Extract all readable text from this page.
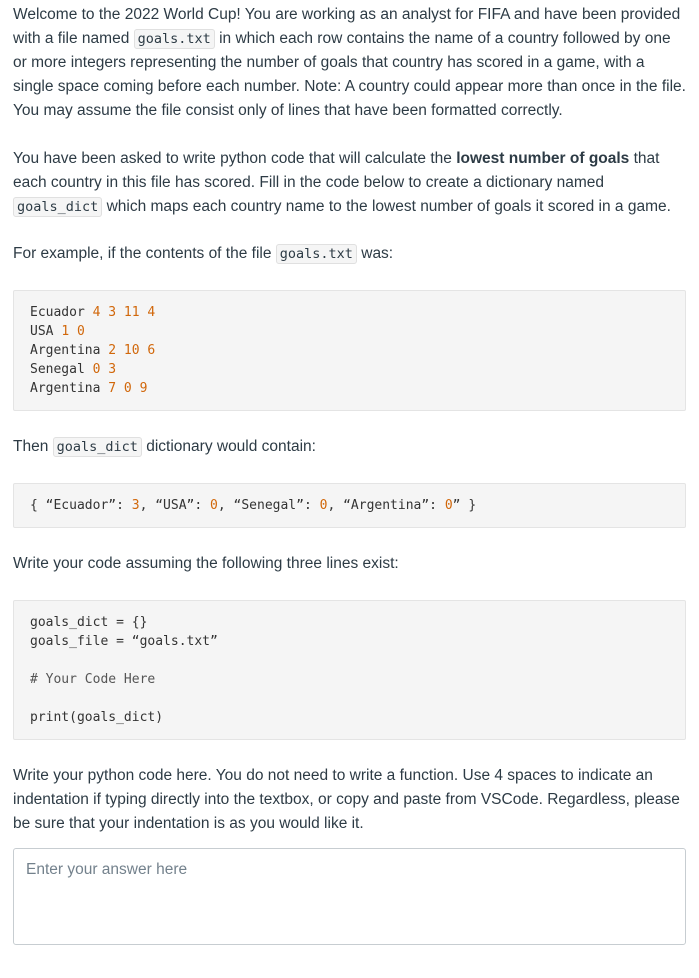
Welcome to the 2022 World Cup! You are working as an analyst for FIFA and have been provided with a file named goals.txt in which each row contains the name of a country followed by one or more integers representing the number of goals that country has scored in a game, with a single space coming before each number. Note: A country could appear more than once in the file. You may assume the file consist only of lines that have been formatted correctly.

You have been asked to write python code that will calculate the lowest number of goals that each country in this file has scored. Fill in the code below to create a dictionary named goals_dict which maps each country name to the lowest number of goals it scored in a game.

For example, if the contents of the file goals.txt was:

Ecuador 4 3 11 4
USA 1 0
Argentina 2 10 6
Senegal 0 3
Argentina 7 0 9

Then goals_dict dictionary would contain:

{ “Ecuador”: 3, “USA”: 0, “Senegal”: 0, “Argentina”: 0” }

Write your code assuming the following three lines exist:

goals_dict = {}
goals_file = “goals.txt”

# Your Code Here

print(goals_dict)

Write your python code here. You do not need to write a function. Use 4 spaces to indicate an indentation if typing directly into the textbox, or copy and paste from VSCode. Regardless, please be sure that your indentation is as you would like it.

Enter your answer here
